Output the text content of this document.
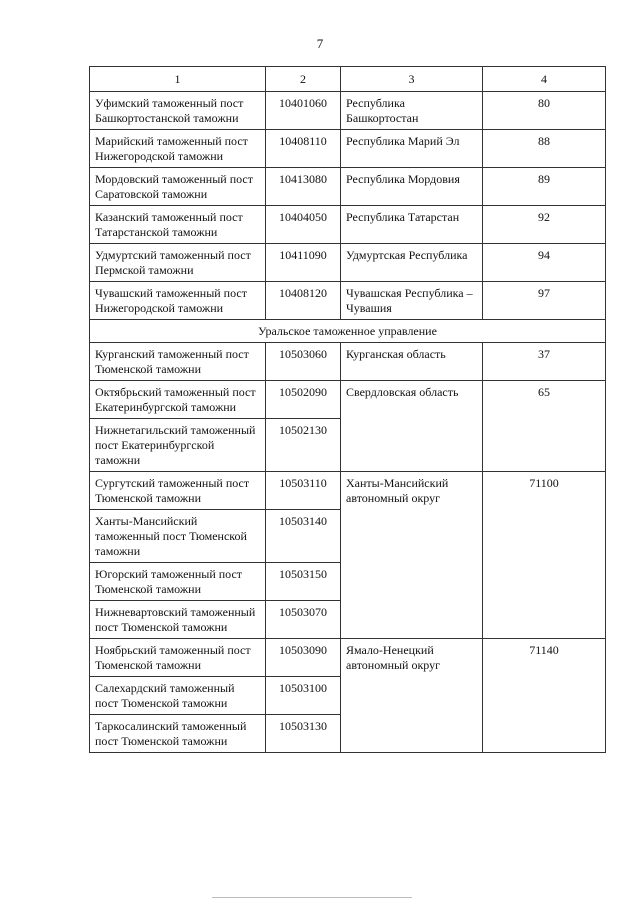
7
1	2	3	4
Уфимский таможенный пост Башкортостанской таможни	10401060	Республика Башкортостан	80
Марийский таможенный пост Нижегородской таможни	10408110	Республика Марий Эл	88
Мордовский таможенный пост Саратовской таможни	10413080	Республика Мордовия	89
Казанский таможенный пост Татарстанской таможни	10404050	Республика Татарстан	92
Удмуртский таможенный пост Пермской таможни	10411090	Удмуртская Республика	94
Чувашский таможенный пост Нижегородской таможни	10408120	Чувашская Республика – Чувашия	97
Уральское таможенное управление			
Курганский таможенный пост Тюменской таможни	10503060	Курганская область	37
Октябрьский таможенный пост Екатеринбургской таможни	10502090	Свердловская область	65
Нижнетагильский таможенный пост Екатеринбургской таможни	10502130		
Сургутский таможенный пост Тюменской таможни	10503110	Ханты-Мансийский автономный округ	71100
Ханты-Мансийский таможенный пост Тюменской таможни	10503140		
Югорский таможенный пост Тюменской таможни	10503150		
Нижневартовский таможенный пост Тюменской таможни	10503070		
Ноябрьский таможенный пост Тюменской таможни	10503090	Ямало-Ненецкий автономный округ	71140
Салехардский таможенный пост Тюменской таможни	10503100		
Таркосалинский таможенный пост Тюменской таможни	10503130		
